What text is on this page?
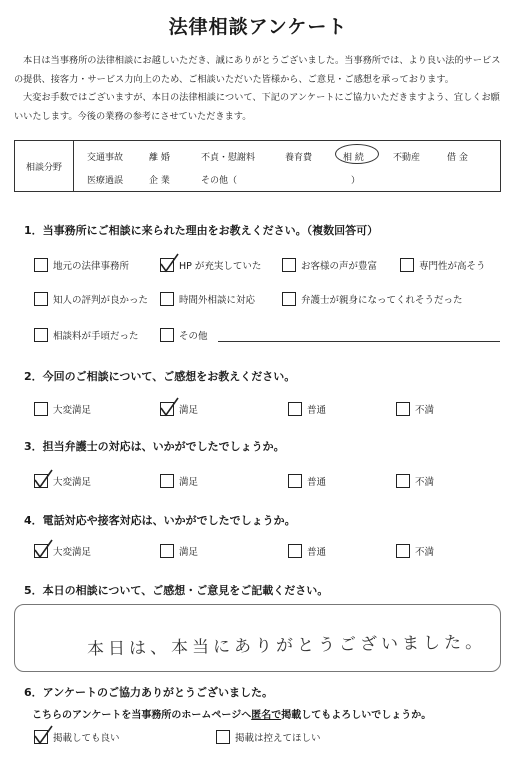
法律相談アンケート

本日は当事務所の法律相談にお越しいただき、誠にありがとうございました。当事務所では、より良い法的サービスの提供、接客力・サービス力向上のため、ご相談いただいた皆様から、ご意見・ご感想を承っております。

大変お手数ではございますが、本日の法律相談について、下記のアンケートにご協力いただきますよう、宜しくお願いいたします。今後の業務の参考にさせていただきます。

相談分野
交通事故	離 婚	不貞・慰謝料	養育費	相 続	不動産	借 金
医療過誤	企 業	その他（	）
1．当事務所にご相談に来られた理由をお教えください。（複数回答可）
地元の法律事務所	HP が充実していた	お客様の声が豊富	専門性が高そう
知人の評判が良かった	時間外相談に対応	弁護士が親身になってくれそうだった
相談料が手頃だった	その他
2．今回のご相談について、ご感想をお教えください。
大変満足	満足	普通	不満
3．担当弁護士の対応は、いかがでしたでしょうか。
大変満足	満足	普通	不満
4．電話対応や接客対応は、いかがでしたでしょうか。
大変満足	満足	普通	不満
5．本日の相談について、ご感想・ご意見をご記載ください。
本日は、本当にありがとうございました。
6．アンケートのご協力ありがとうございました。
こちらのアンケートを当事務所のホームページへ匿名で掲載してもよろしいでしょうか。
掲載しても良い	掲載は控えてほしい
